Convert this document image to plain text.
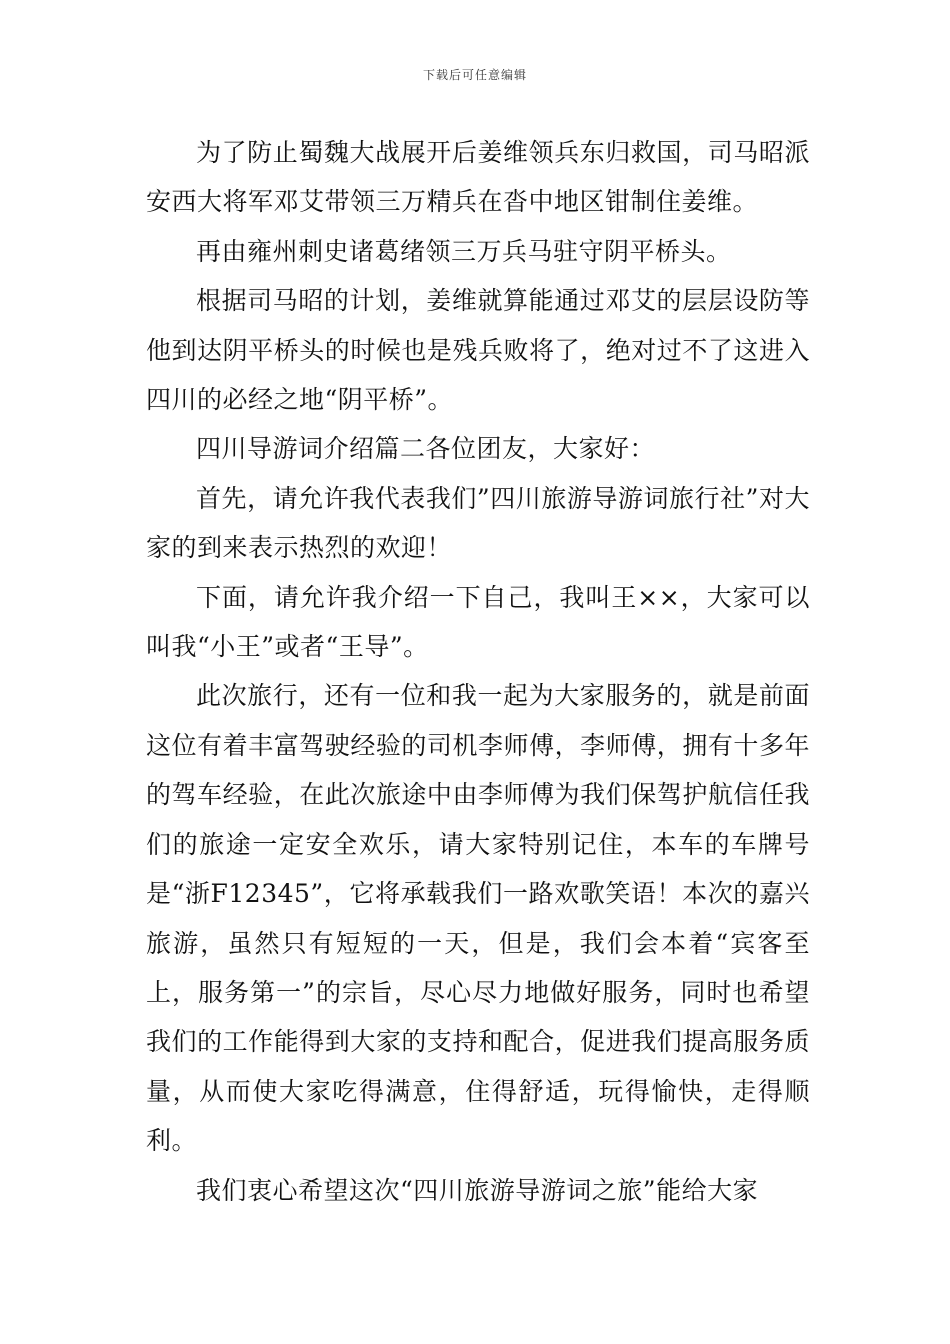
下载后可任意编辑

为了防止蜀魏大战展开后姜维领兵东归救国，司马昭派安西大将军邓艾带领三万精兵在沓中地区钳制住姜维。

再由雍州刺史诸葛绪领三万兵马驻守阴平桥头。

根据司马昭的计划，姜维就算能通过邓艾的层层设防等他到达阴平桥头的时候也是残兵败将了，绝对过不了这进入四川的必经之地“阴平桥”。

四川导游词介绍篇二各位团友，大家好：

首先，请允许我代表我们”四川旅游导游词旅行社”对大家的到来表示热烈的欢迎！

下面，请允许我介绍一下自己，我叫王××，大家可以叫我“小王”或者“王导”。

此次旅行，还有一位和我一起为大家服务的，就是前面这位有着丰富驾驶经验的司机李师傅，李师傅，拥有十多年的驾车经验，在此次旅途中由李师傅为我们保驾护航信任我们的旅途一定安全欢乐，请大家特别记住，本车的车牌号是“浙F12345”，它将承载我们一路欢歌笑语！本次的嘉兴旅游，虽然只有短短的一天，但是，我们会本着“宾客至上，服务第一”的宗旨，尽心尽力地做好服务，同时也希望我们的工作能得到大家的支持和配合，促进我们提高服务质量，从而使大家吃得满意，住得舒适，玩得愉快，走得顺利。

我们衷心希望这次“四川旅游导游词之旅”能给大家
